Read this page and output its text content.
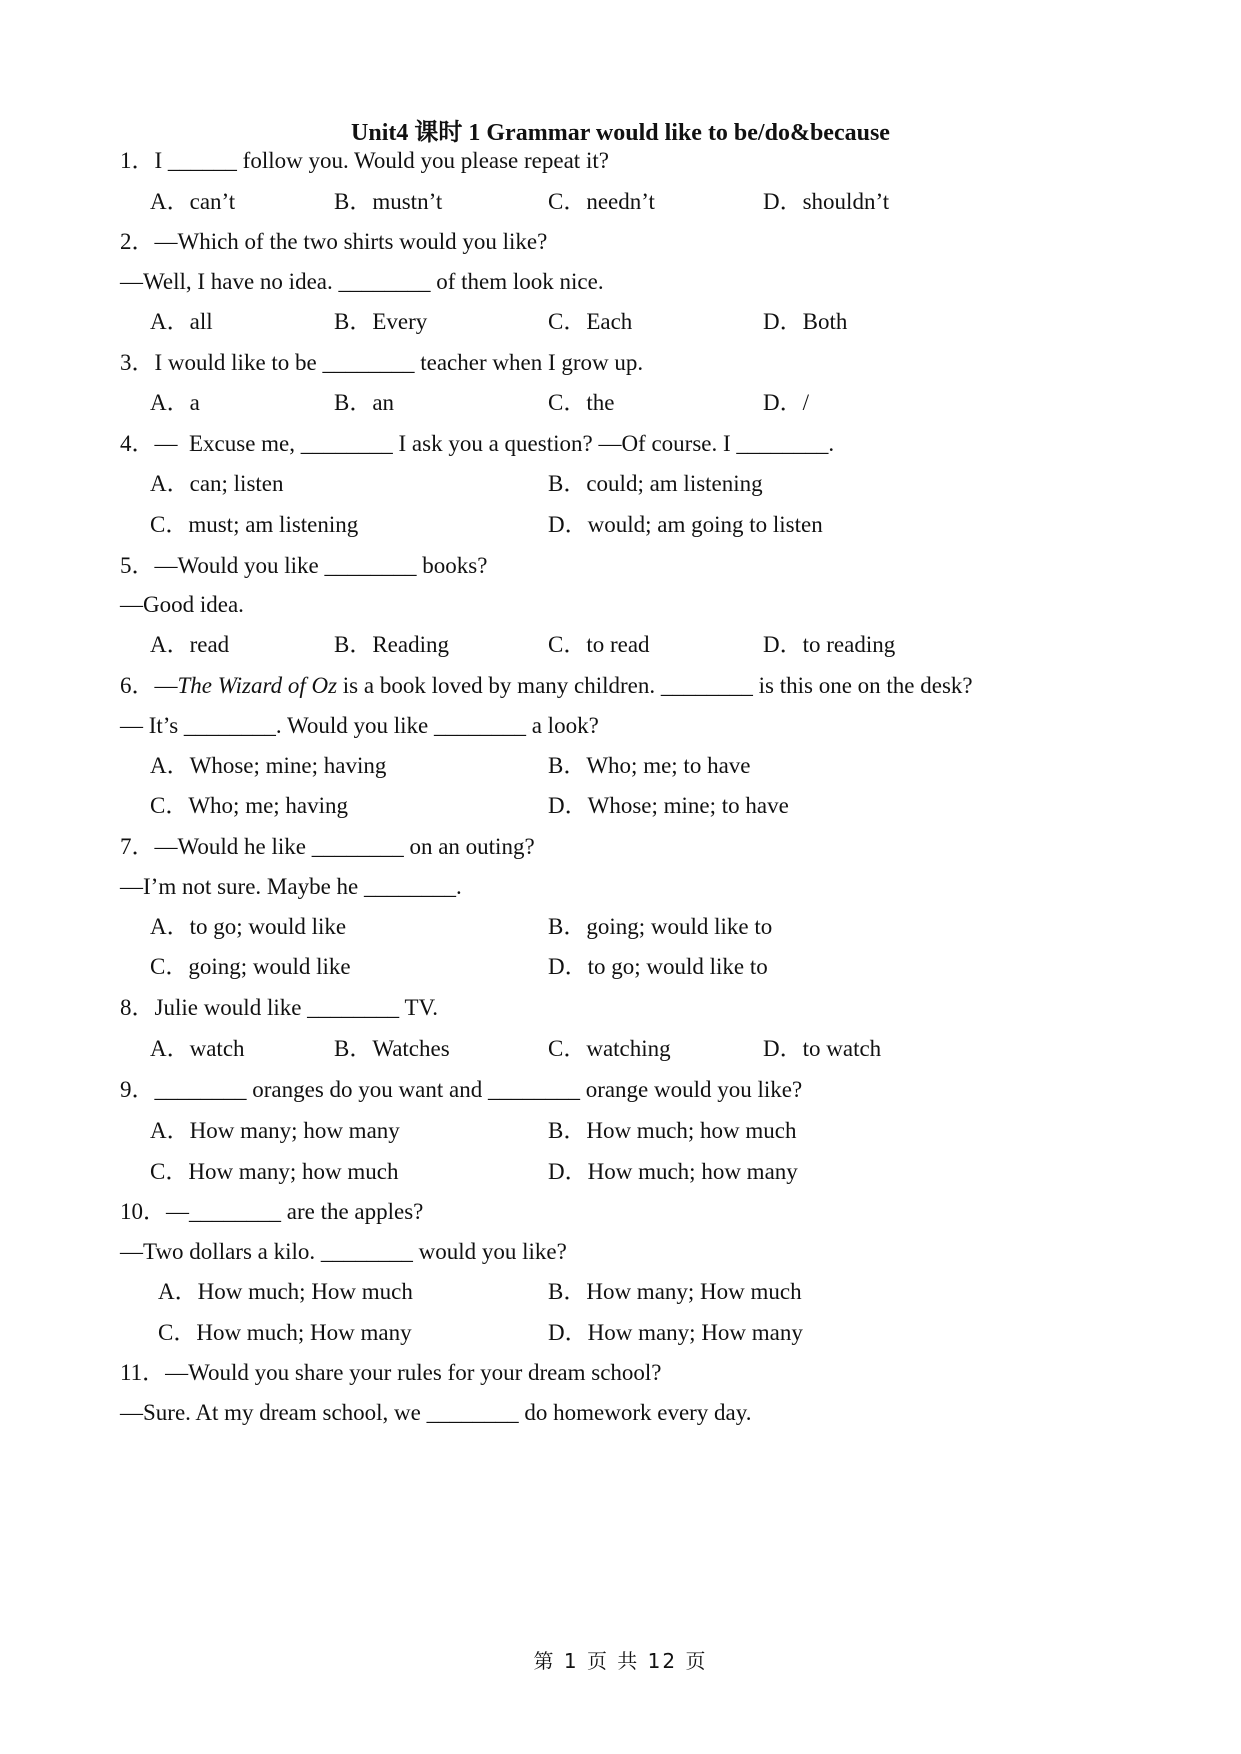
Unit4 课时 1 Grammar would like to be/do&because
1．I ______ follow you. Would you please repeat it?
A．can’t	B．mustn’t	C．needn’t	D．shouldn’t
2．—Which of the two shirts would you like?
—Well, I have no idea. ________ of them look nice.
A．all	B．Every	C．Each	D．Both
3．I would like to be ________ teacher when I grow up.
A．a	B．an	C．the	D．/
4．—  Excuse me, ________ I ask you a question? —Of course. I ________.
A．can; listen	B．could; am listening
C．must; am listening	D．would; am going to listen
5．—Would you like ________ books?
—Good idea.
A．read	B．Reading	C．to read	D．to reading
6．—The Wizard of Oz is a book loved by many children. ________ is this one on the desk?
— It’s ________. Would you like ________ a look?
A．Whose; mine; having	B．Who; me; to have
C．Who; me; having	D．Whose; mine; to have
7．—Would he like ________ on an outing?
—I’m not sure. Maybe he ________.
A．to go; would like	B．going; would like to
C．going; would like	D．to go; would like to
8．Julie would like ________ TV.
A．watch	B．Watches	C．watching	D．to watch
9．________ oranges do you want and ________ orange would you like?
A．How many; how many	B．How much; how much
C．How many; how much	D．How much; how many
10．—________ are the apples?
—Two dollars a kilo. ________ would you like?
A．How much; How much	B．How many; How much
C．How much; How many	D．How many; How many
11．—Would you share your rules for your dream school?
—Sure. At my dream school, we ________ do homework every day.
第 1 页 共 12 页
